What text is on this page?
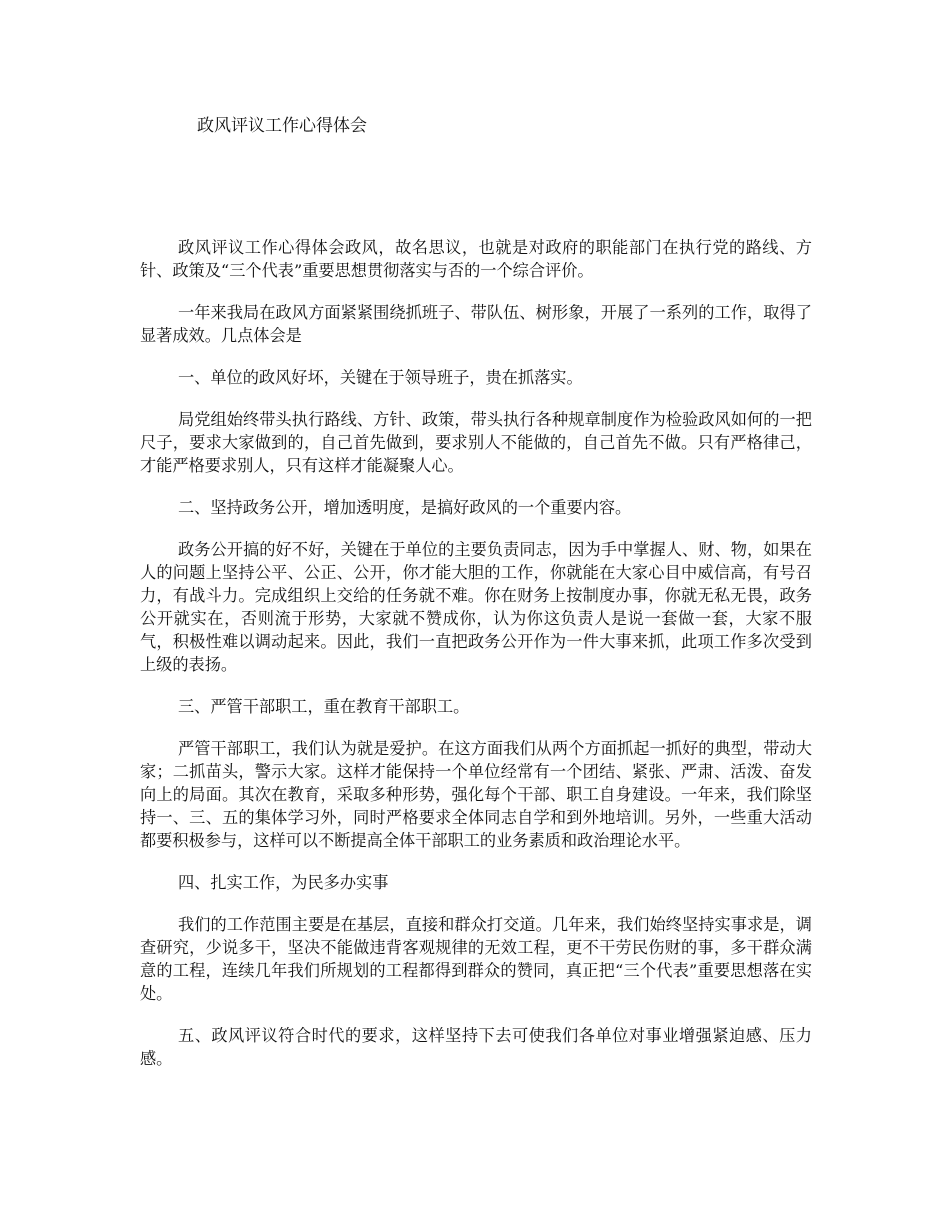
政风评议工作心得体会

政风评议工作心得体会政风，故名思议，也就是对政府的职能部门在执行党的路线、方针、政策及“三个代表”重要思想贯彻落实与否的一个综合评价。

一年来我局在政风方面紧紧围绕抓班子、带队伍、树形象，开展了一系列的工作，取得了显著成效。几点体会是

一、单位的政风好坏，关键在于领导班子，贵在抓落实。

局党组始终带头执行路线、方针、政策，带头执行各种规章制度作为检验政风如何的一把尺子，要求大家做到的，自己首先做到，要求别人不能做的，自己首先不做。只有严格律己，才能严格要求别人，只有这样才能凝聚人心。

二、坚持政务公开，增加透明度，是搞好政风的一个重要内容。

政务公开搞的好不好，关键在于单位的主要负责同志，因为手中掌握人、财、物，如果在人的问题上坚持公平、公正、公开，你才能大胆的工作，你就能在大家心目中威信高，有号召力，有战斗力。完成组织上交给的任务就不难。你在财务上按制度办事，你就无私无畏，政务公开就实在，否则流于形势，大家就不赞成你，认为你这负责人是说一套做一套，大家不服气，积极性难以调动起来。因此，我们一直把政务公开作为一件大事来抓，此项工作多次受到上级的表扬。

三、严管干部职工，重在教育干部职工。

严管干部职工，我们认为就是爱护。在这方面我们从两个方面抓起一抓好的典型，带动大家；二抓苗头，警示大家。这样才能保持一个单位经常有一个团结、紧张、严肃、活泼、奋发向上的局面。其次在教育，采取多种形势，强化每个干部、职工自身建设。一年来，我们除坚持一、三、五的集体学习外，同时严格要求全体同志自学和到外地培训。另外，一些重大活动都要积极参与，这样可以不断提高全体干部职工的业务素质和政治理论水平。

四、扎实工作，为民多办实事

我们的工作范围主要是在基层，直接和群众打交道。几年来，我们始终坚持实事求是，调查研究，少说多干，坚决不能做违背客观规律的无效工程，更不干劳民伤财的事，多干群众满意的工程，连续几年我们所规划的工程都得到群众的赞同，真正把“三个代表”重要思想落在实处。

五、政风评议符合时代的要求，这样坚持下去可使我们各单位对事业增强紧迫感、压力感。
